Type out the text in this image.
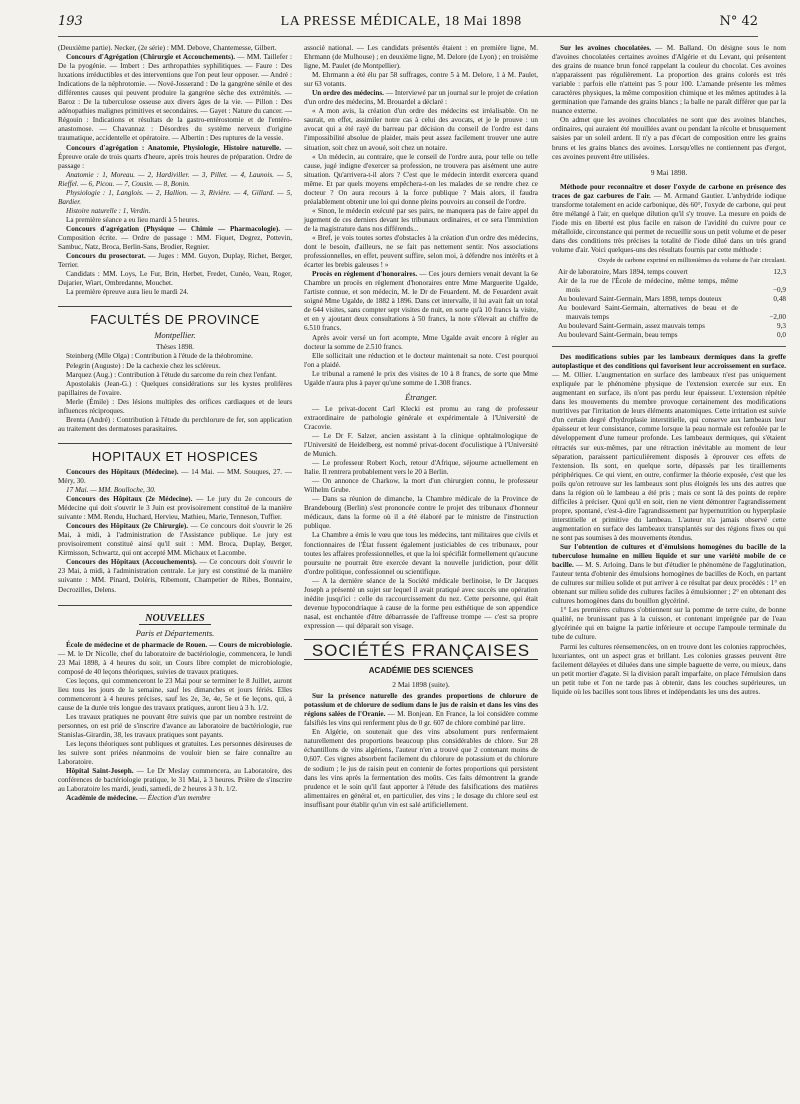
193	LA PRESSE MÉDICALE, 18 Mai 1898	N° 42

(Deuxième partie). Necker, (2e série) : MM. Debove, Chantemesse, Gilbert.

Concours d'Agrégation (Chirurgie et Accouchements). — MM. Taillefer : De la pyogénie. — Imbert : Des arthropathies syphilitiques. — Faure : Des luxations irréductibles et des interventions que l'on peut leur opposer. — André : Indications de la néphrotomie. — Nové-Josserand : De la gangrène sénile et des différentes causes qui peuvent produire la gangrène sèche des extrémités. — Baroz : De la tuberculose osseuse aux divers âges de la vie. — Pillon : Des adénopathies malignes primitives et secondaires. — Gayet : Nature du cancer. — Régouin : Indications et résultats de la gastro-entérostomie et de l'entéro-anastomose. — Chavannaz : Désordres du système nerveux d'origine traumatique, accidentelle et opératoire. — Albertin : Des ruptures de la vessie.

Concours d'agrégation : Anatomie, Physiologie, Histoire naturelle. — Épreuve orale de trois quarts d'heure, après trois heures de préparation. Ordre de passage :

Anatomie : 1, Moreau. — 2, Hardiviller. — 3, Pillet. — 4, Launois. — 5, Rieffel. — 6, Picou. — 7, Cousin. — 8, Bonin.

Physiologie : 1, Langlois. — 2, Hallion. — 3, Rivière. — 4, Gillard. — 5, Bardier.

Histoire naturelle : 1, Verdin.

La première séance a eu lieu mardi à 5 heures.

Concours d'agrégation (Physique — Chimie — Pharmacologie). — Composition écrite. — Ordre de passage : MM. Fiquet, Degrez, Pottevin, Sambuc, Natz, Broca, Berlin-Sans, Brodier, Regnier.

Concours du prosectorat. — Juges : MM. Guyon, Duplay, Richet, Berger, Terrier.

Candidats : MM. Loys, Le Fur, Brin, Herbet, Fredet, Cunéo, Veau, Roger, Dujarier, Wiart, Ombredanne, Mouchet.

La première épreuve aura lieu le mardi 24.

FACULTÉS DE PROVINCE
Montpellier.

Thèses 1898.

Steinberg (Mlle Olga) : Contribution à l'étude de la théobromine.

Pelegrin (Auguste) : De la cachexie chez les scléreux.

Marquez (Aug.) : Contribution à l'étude du sarcome du rein chez l'enfant.

Apostolakis (Jean-G.) : Quelques considérations sur les kystes prolifères papillaires de l'ovaire.

Merle (Émile) : Des lésions multiples des orifices cardiaques et de leurs influences réciproques.

Brenta (André) : Contribution à l'étude du perchlorure de fer, son application au traitement des dermatoses parasitaires.

HOPITAUX ET HOSPICES

Concours des Hôpitaux (Médecine). — 14 Mai. — MM. Souques, 27. — Méry, 30.

17 Mai. — MM. Boulloche, 30.

Concours des Hôpitaux (2e Médecine). — Le jury du 2e concours de Médecine qui doit s'ouvrir le 3 Juin est provisoirement constitué de la manière suivante : MM. Rendu, Huchard, Hervieu, Mathieu, Marie, Tenneson, Tuffier.

Concours des Hôpitaux (2e Chirurgie). — Ce concours doit s'ouvrir le 26 Mai, à midi, à l'administration de l'Assistance publique. Le jury est provisoirement constitué ainsi qu'il suit : MM. Broca, Duplay, Berger, Kirmisson, Schwartz, qui ont accepté MM. Michaux et Lacombe.

Concours des Hôpitaux (Accouchements). — Ce concours doit s'ouvrir le 23 Mai, à midi, à l'administration centrale. Le jury est constitué de la manière suivante : MM. Pinard, Doléris, Ribemont, Champetier de Ribes, Bonnaire, Decrozilles, Delens.

NOUVELLES
Paris et Départements.

École de médecine et de pharmacie de Rouen. — Cours de microbiologie. — M. le Dr Nicolle, chef du laboratoire de bactériologie, commencera, le lundi 23 Mai 1898, à 4 heures du soir, un Cours libre complet de microbiologie, composé de 40 leçons théoriques, suivies de travaux pratiques.

Ces leçons, qui commenceront le 23 Mai pour se terminer le 8 Juillet, auront lieu tous les jours de la semaine, sauf les dimanches et jours fériés. Elles commenceront à 4 heures précises, sauf les 2e, 3e, 4e, 5e et 6e leçons, qui, à cause de la durée très longue des travaux pratiques, auront lieu à 3 h. 1/2.

Les travaux pratiques ne pouvant être suivis que par un nombre restreint de personnes, on est prié de s'inscrire d'avance au laboratoire de bactériologie, rue Stanislas-Girardin, 38, les travaux pratiques sont payants.

Les leçons théoriques sont publiques et gratuites. Les personnes désireuses de les suivre sont priées néanmoins de vouloir bien se faire connaître au Laboratoire.

Hôpital Saint-Joseph. — Le Dr Meslay commencera, au Laboratoire, des conférences de bactériologie pratique, le 31 Mai, à 3 heures. Prière de s'inscrire au Laboratoire les mardi, jeudi, samedi, de 2 heures à 3 h. 1/2.

Académie de médecine. — Élection d'un membre

associé national. — Les candidats présentés étaient : en première ligne, M. Ehrmann (de Mulhouse) ; en deuxième ligne, M. Delore (de Lyon) ; en troisième ligne, M. Paulet (de Montpellier).

M. Ehrmann a été élu par 58 suffrages, contre 5 à M. Delore, 1 à M. Paulet, sur 63 votants.

Un ordre des médecins. — Interviewé par un journal sur le projet de création d'un ordre des médecins, M. Brouardel a déclaré :

« A mon avis, la création d'un ordre des médecins est irréalisable. On ne saurait, en effet, assimiler notre cas à celui des avocats, et je le prouve : un avocat qui a été rayé du barreau par décision du conseil de l'ordre est dans l'impossibilité absolue de plaider, mais peut assez facilement trouver une autre situation, soit chez un avoué, soit chez un notaire.

« Un médecin, au contraire, que le conseil de l'ordre aura, pour telle ou telle cause, jugé indigne d'exercer sa profession, ne trouvera pas aisément une autre situation. Qu'arrivera-t-il alors ? C'est que le médecin interdit exercera quand même. Et par quels moyens empêchera-t-on les malades de se rendre chez ce docteur ? On aura recours à la force publique ? Mais alors, il faudra préalablement obtenir une loi qui donne pleins pouvoirs au conseil de l'ordre.

« Sinon, le médecin exécuté par ses pairs, ne manquera pas de faire appel du jugement de ces derniers devant les tribunaux ordinaires, et ce sera l'immixtion de la magistrature dans nos différends...

« Bref, je vois toutes sortes d'obstacles à la création d'un ordre des médecins, dont le besoin, d'ailleurs, ne se fait pas nettement sentir. Nos associations professionnelles, en effet, peuvent suffire, selon moi, à défendre nos intérêts et à écarter les brebis galeuses ! »

Procès en règlement d'honoraires. — Ces jours derniers venait devant la 6e Chambre un procès en règlement d'honoraires entre Mme Marguerite Ugalde, l'artiste connue, et son médecin, M. le Dr de Feuardent. M. de Feuardent avait soigné Mme Ugalde, de 1882 à 1896. Dans cet intervalle, il lui avait fait un total de 644 visites, sans compter sept visites de nuit, en sorte qu'à 10 francs la visite, et en y ajoutant deux consultations à 50 francs, la note s'élevait au chiffre de 6.510 francs.

Après avoir versé un fort acompte, Mme Ugalde avait encore à régler au docteur la somme de 2.510 francs.

Elle sollicitait une réduction et le docteur maintenait sa note. C'est pourquoi l'on a plaidé.

Le tribunal a ramené le prix des visites de 10 à 8 francs, de sorte que Mme Ugalde n'aura plus à payer qu'une somme de 1.308 francs.

Étranger.

— Le privat-docent Carl Klecki est promu au rang de professeur extraordinaire de pathologie générale et expérimentale à l'Université de Cracovie.

— Le Dr F. Salzer, ancien assistant à la clinique ophtalmologique de l'Université de Heidelberg, est nommé privat-docent d'oculistique à l'Université de Munich.

— Le professeur Robert Koch, retour d'Afrique, séjourne actuellement en Italie. Il rentrera probablement vers le 20 à Berlin.

— On annonce de Charkow, la mort d'un chirurgien connu, le professeur Wilhelm Grube.

— Dans sa réunion de dimanche, la Chambre médicale de la Province de Brandebourg (Berlin) s'est prononcée contre le projet des tribunaux d'honneur médicaux, dans la forme où il a été élaboré par le ministre de l'instruction publique.

La Chambre a émis le vœu que tous les médecins, tant militaires que civils et fonctionnaires de l'État fussent également justiciables de ces tribunaux, pour toutes les affaires professionnelles, et que la loi spécifiât formellement qu'aucune poursuite ne pourrait être exercée devant la nouvelle juridiction, pour délit d'ordre politique, confessionnel ou scientifique.

— A la dernière séance de la Société médicale berlinoise, le Dr Jacques Joseph a présenté un sujet sur lequel il avait pratiqué avec succès une opération inédite jusqu'ici : celle du raccourcissement du nez. Cette personne, qui était devenue hypocondriaque à cause de la forme peu esthétique de son appendice nasal, est enchantée d'être débarrassée de l'affreuse trompe — c'est sa propre expression — qui déparait son visage.

SOCIÉTÉS FRANÇAISES
ACADÉMIE DES SCIENCES
2 Mai 1898 (suite).

Sur la présence naturelle des grandes proportions de chlorure de potassium et de chlorure de sodium dans le jus de raisin et dans les vins des régions salées de l'Oranie. — M. Bonjean. En France, la loi considère comme falsifiés les vins qui renferment plus de 0 gr. 607 de chlore combiné par litre.

En Algérie, on soutenait que des vins absolument purs renfermaient naturellement des proportions beaucoup plus considérables de chlore. Sur 28 échantillons de vins algériens, l'auteur n'en a trouvé que 2 contenant moins de 0,607. Ces vignes absorbent facilement du chlorure de potassium et du chlorure de sodium ; le jus de raisin peut en contenir de fortes proportions qui persistent dans les vins après la fermentation des moûts. Ces faits démontrent la grande prudence et le soin qu'il faut apporter à l'étude des falsifications des matières alimentaires en général et, en particulier, des vins ; le dosage du chlore seul est insuffisant pour établir qu'un vin est salé artificiellement.

Sur les avoines chocolatées. — M. Balland. On désigne sous le nom d'avoines chocolatées certaines avoines d'Algérie et du Levant, qui présentent des grains de nuance brun foncé rappelant la couleur du chocolat. Ces avoines n'apparaissent pas régulièrement. La proportion des grains colorés est très variable : parfois elle n'atteint pas 5 pour 100. L'amande présente les mêmes caractères physiques, la même composition chimique et les mêmes aptitudes à la germination que l'amande des grains blancs ; la balle ne paraît différer que par la nuance externe.

On admet que les avoines chocolatées ne sont que des avoines blanches, ordinaires, qui auraient été mouillées avant ou pendant la récolte et brusquement saisies par un soleil ardent. Il n'y a pas d'écart de composition entre les grains bruns et les grains blancs des avoines. Lorsqu'elles ne contiennent pas d'ergot, ces avoines peuvent être utilisées.

9 Mai 1898.

Méthode pour reconnaître et doser l'oxyde de carbone en présence des traces de gaz carbures de l'air. — M. Armand Gautier. L'anhydride iodique transforme totalement en acide carbonique, dès 60°, l'oxyde de carbone, qui peut être mélangé à l'air, en quelque dilution qu'il s'y trouve. La mesure en poids de l'iode mis en liberté est plus facile en raison de l'avidité du cuivre pour ce métalloïde, circonstance qui permet de recueillir sous un petit volume et de peser dans des conditions très précises la totalité de l'iode dilué dans un très grand volume d'air. Voici quelques-uns des résultats fournis par cette méthode :

Oxyde de carbone exprimé en millionièmes du volume de l'air circulant.
Air de laboratoire, Mars 1894, temps couvert	12,3
Air de la rue de l'École de médecine, même temps, même mois	−0,9
Au boulevard Saint-Germain, Mars 1898, temps douteux	0,48
Au boulevard Saint-Germain, alternatives de beau et de mauvais temps	−2,00
Au boulevard Saint-Germain, assez mauvais temps	9,3
Au boulevard Saint-Germain, beau temps	0,0

Des modifications subies par les lambeaux dermiques dans la greffe autoplastique et des conditions qui favorisent leur accroissement en surface. — M. Ollier. L'augmentation en surface des lambeaux n'est pas uniquement expliquée par le phénomène physique de l'extension exercée sur eux. En augmentant en surface, ils n'ont pas perdu leur épaisseur. L'extension répétée dans les mouvements du membre provoque certainement des modifications nutritives par l'irritation de leurs éléments anatomiques. Cette irritation est suivie d'un certain degré d'hydroplasie interstitielle, qui conserve aux lambeaux leur épaisseur et leur consistance, comme lorsque la peau normale est refoulée par le développement d'une tumeur profonde. Les lambeaux dermiques, qui s'étaient rétractés sur eux-mêmes, par une rétraction inévitable au moment de leur séparation, paraissent particulièrement disposés à éprouver ces effets de l'extension. Ils sont, en quelque sorte, dépassés par les tiraillements périphériques. Ce qui vient, en outre, confirmer la théorie exposée, c'est que les poils qu'on retrouve sur les lambeaux sont plus éloignés les uns des autres que dans la région où le lambeau a été pris ; mais ce sont là des points de repère difficiles à préciser. Quoi qu'il en soit, rien ne vient démontrer l'agrandissement propre, spontané, c'est-à-dire l'agrandissement par hypernutrition ou hyperplasie interstitielle et primitive du lambeau. L'auteur n'a jamais observé cette augmentation en surface des lambeaux transplantés sur des régions fixes ou qui ne sont pas soumises à des mouvements étendus.

Sur l'obtention de cultures et d'émulsions homogènes du bacille de la tuberculose humaine en milieu liquide et sur une variété mobile de ce bacille. — M. S. Arloing. Dans le but d'étudier le phénomène de l'agglutination, l'auteur tenta d'obtenir des émulsions homogènes de bacilles de Koch, en partant de cultures sur milieu solide et put arriver à ce résultat par deux procédés : 1° en obtenant sur milieu solide des cultures faciles à émulsionner ; 2° en obtenant des cultures homogènes dans du bouillon glycériné.

1° Les premières cultures s'obtiennent sur la pomme de terre cuite, de bonne qualité, ne brunissant pas à la cuisson, et contenant imprégnée par de l'eau glycérinée qui en baigne la partie inférieure et occupe l'ampoule terminale du tube de culture.

Parmi les cultures réensemencées, on en trouve dont les colonies rapprochées, luxuriantes, ont un aspect gras et brillant. Les colonies grasses peuvent être facilement délayées et diluées dans une simple baguette de verre, ou mieux, dans un petit mortier d'agate. Si la division paraît imparfaite, on place l'émulsion dans un petit tube et l'on ne tarde pas à obtenir, dans les couches supérieures, un liquide où les bacilles sont tous libres et indépendants les uns des autres.
